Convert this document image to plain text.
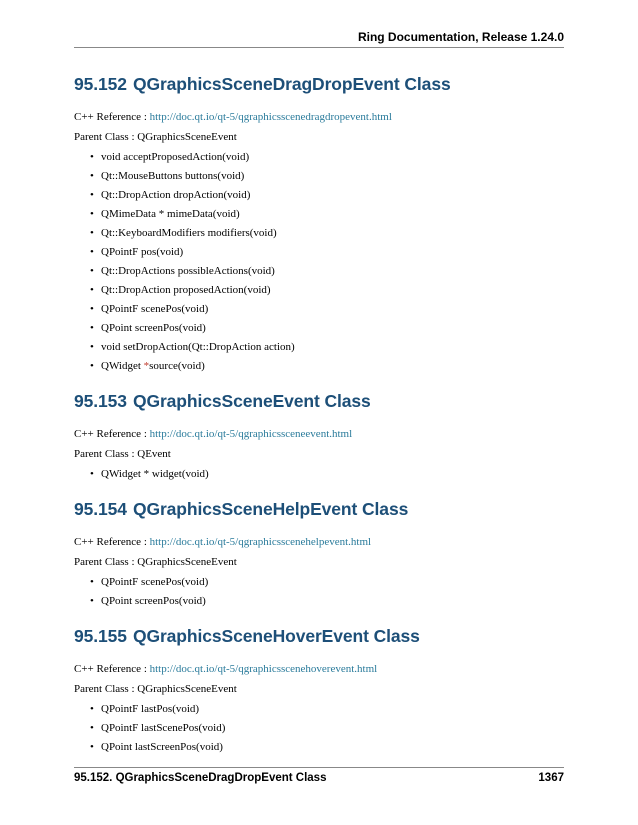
Ring Documentation, Release 1.24.0
95.152 QGraphicsSceneDragDropEvent Class

C++ Reference : http://doc.qt.io/qt-5/qgraphicsscenedragdropevent.html

Parent Class : QGraphicsSceneEvent

• void acceptProposedAction(void)
• Qt::MouseButtons buttons(void)
• Qt::DropAction dropAction(void)
• QMimeData * mimeData(void)
• Qt::KeyboardModifiers modifiers(void)
• QPointF pos(void)
• Qt::DropActions possibleActions(void)
• Qt::DropAction proposedAction(void)
• QPointF scenePos(void)
• QPoint screenPos(void)
• void setDropAction(Qt::DropAction action)
• QWidget *source(void)
95.153 QGraphicsSceneEvent Class

C++ Reference : http://doc.qt.io/qt-5/qgraphicssceneevent.html

Parent Class : QEvent

• QWidget * widget(void)
95.154 QGraphicsSceneHelpEvent Class

C++ Reference : http://doc.qt.io/qt-5/qgraphicsscenehelpevent.html

Parent Class : QGraphicsSceneEvent

• QPointF scenePos(void)
• QPoint screenPos(void)
95.155 QGraphicsSceneHoverEvent Class

C++ Reference : http://doc.qt.io/qt-5/qgraphicsscenehoverevent.html

Parent Class : QGraphicsSceneEvent

• QPointF lastPos(void)
• QPointF lastScenePos(void)
• QPoint lastScreenPos(void)
95.152. QGraphicsSceneDragDropEvent Class	1367
